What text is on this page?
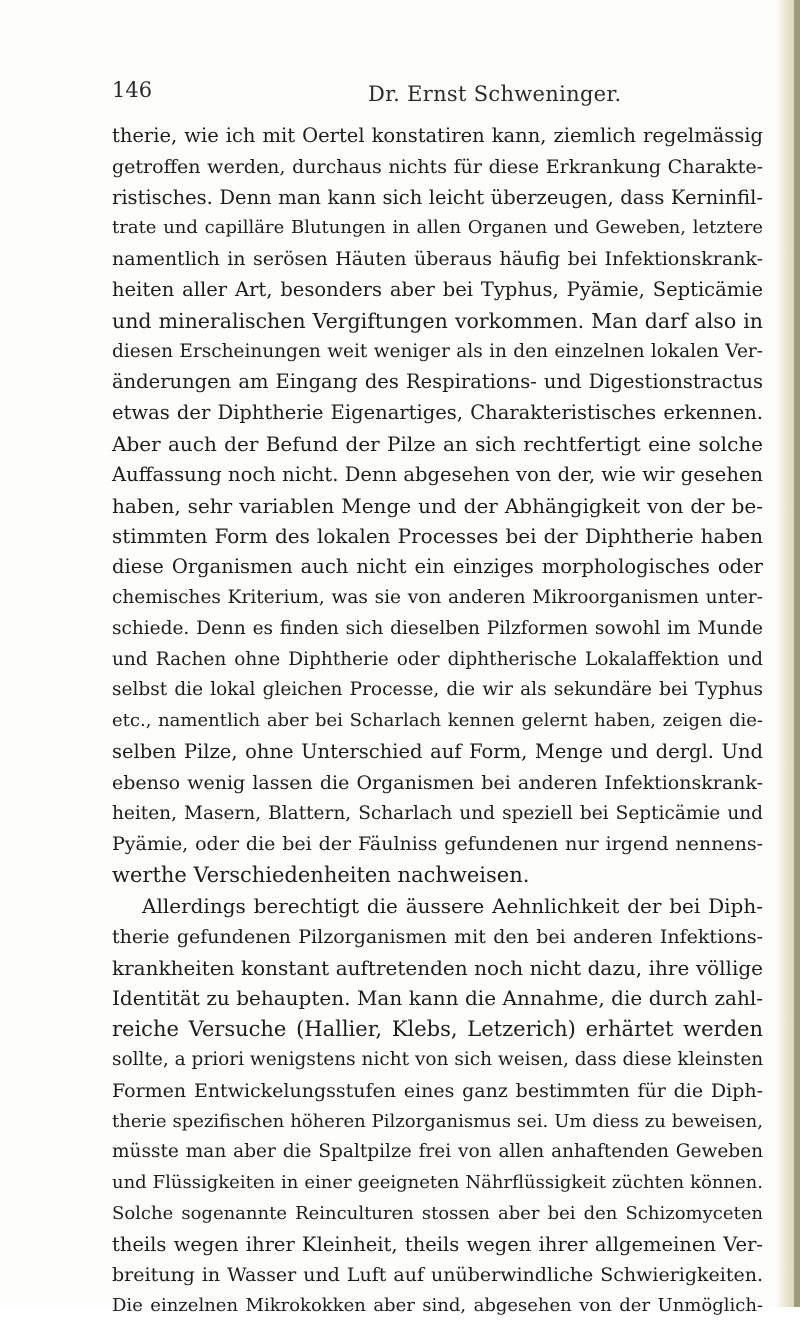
146	Dr. Ernst Schweninger.
therie, wie ich mit Oertel konstatiren kann, ziemlich regelmässig
getroffen werden, durchaus nichts für diese Erkrankung Charakte-
ristisches. Denn man kann sich leicht überzeugen, dass Kerninfil-
trate und capilläre Blutungen in allen Organen und Geweben, letztere
namentlich in serösen Häuten überaus häufig bei Infektionskrank-
heiten aller Art, besonders aber bei Typhus, Pyämie, Septicämie
und mineralischen Vergiftungen vorkommen. Man darf also in
diesen Erscheinungen weit weniger als in den einzelnen lokalen Ver-
änderungen am Eingang des Respirations- und Digestionstractus
etwas der Diphtherie Eigenartiges, Charakteristisches erkennen.
Aber auch der Befund der Pilze an sich rechtfertigt eine solche
Auffassung noch nicht. Denn abgesehen von der, wie wir gesehen
haben, sehr variablen Menge und der Abhängigkeit von der be-
stimmten Form des lokalen Processes bei der Diphtherie haben
diese Organismen auch nicht ein einziges morphologisches oder
chemisches Kriterium, was sie von anderen Mikroorganismen unter-
schiede. Denn es finden sich dieselben Pilzformen sowohl im Munde
und Rachen ohne Diphtherie oder diphtherische Lokalaffektion und
selbst die lokal gleichen Processe, die wir als sekundäre bei Typhus
etc., namentlich aber bei Scharlach kennen gelernt haben, zeigen die-
selben Pilze, ohne Unterschied auf Form, Menge und dergl. Und
ebenso wenig lassen die Organismen bei anderen Infektionskrank-
heiten, Masern, Blattern, Scharlach und speziell bei Septicämie und
Pyämie, oder die bei der Fäulniss gefundenen nur irgend nennens-
werthe Verschiedenheiten nachweisen.
Allerdings berechtigt die äussere Aehnlichkeit der bei Diph-
therie gefundenen Pilzorganismen mit den bei anderen Infektions-
krankheiten konstant auftretenden noch nicht dazu, ihre völlige
Identität zu behaupten. Man kann die Annahme, die durch zahl-
reiche Versuche (Hallier, Klebs, Letzerich) erhärtet werden
sollte, a priori wenigstens nicht von sich weisen, dass diese kleinsten
Formen Entwickelungsstufen eines ganz bestimmten für die Diph-
therie spezifischen höheren Pilzorganismus sei. Um diess zu beweisen,
müsste man aber die Spaltpilze frei von allen anhaftenden Geweben
und Flüssigkeiten in einer geeigneten Nährflüssigkeit züchten können.
Solche sogenannte Reinculturen stossen aber bei den Schizomyceten
theils wegen ihrer Kleinheit, theils wegen ihrer allgemeinen Ver-
breitung in Wasser und Luft auf unüberwindliche Schwierigkeiten.
Die einzelnen Mikrokokken aber sind, abgesehen von der Unmöglich-
